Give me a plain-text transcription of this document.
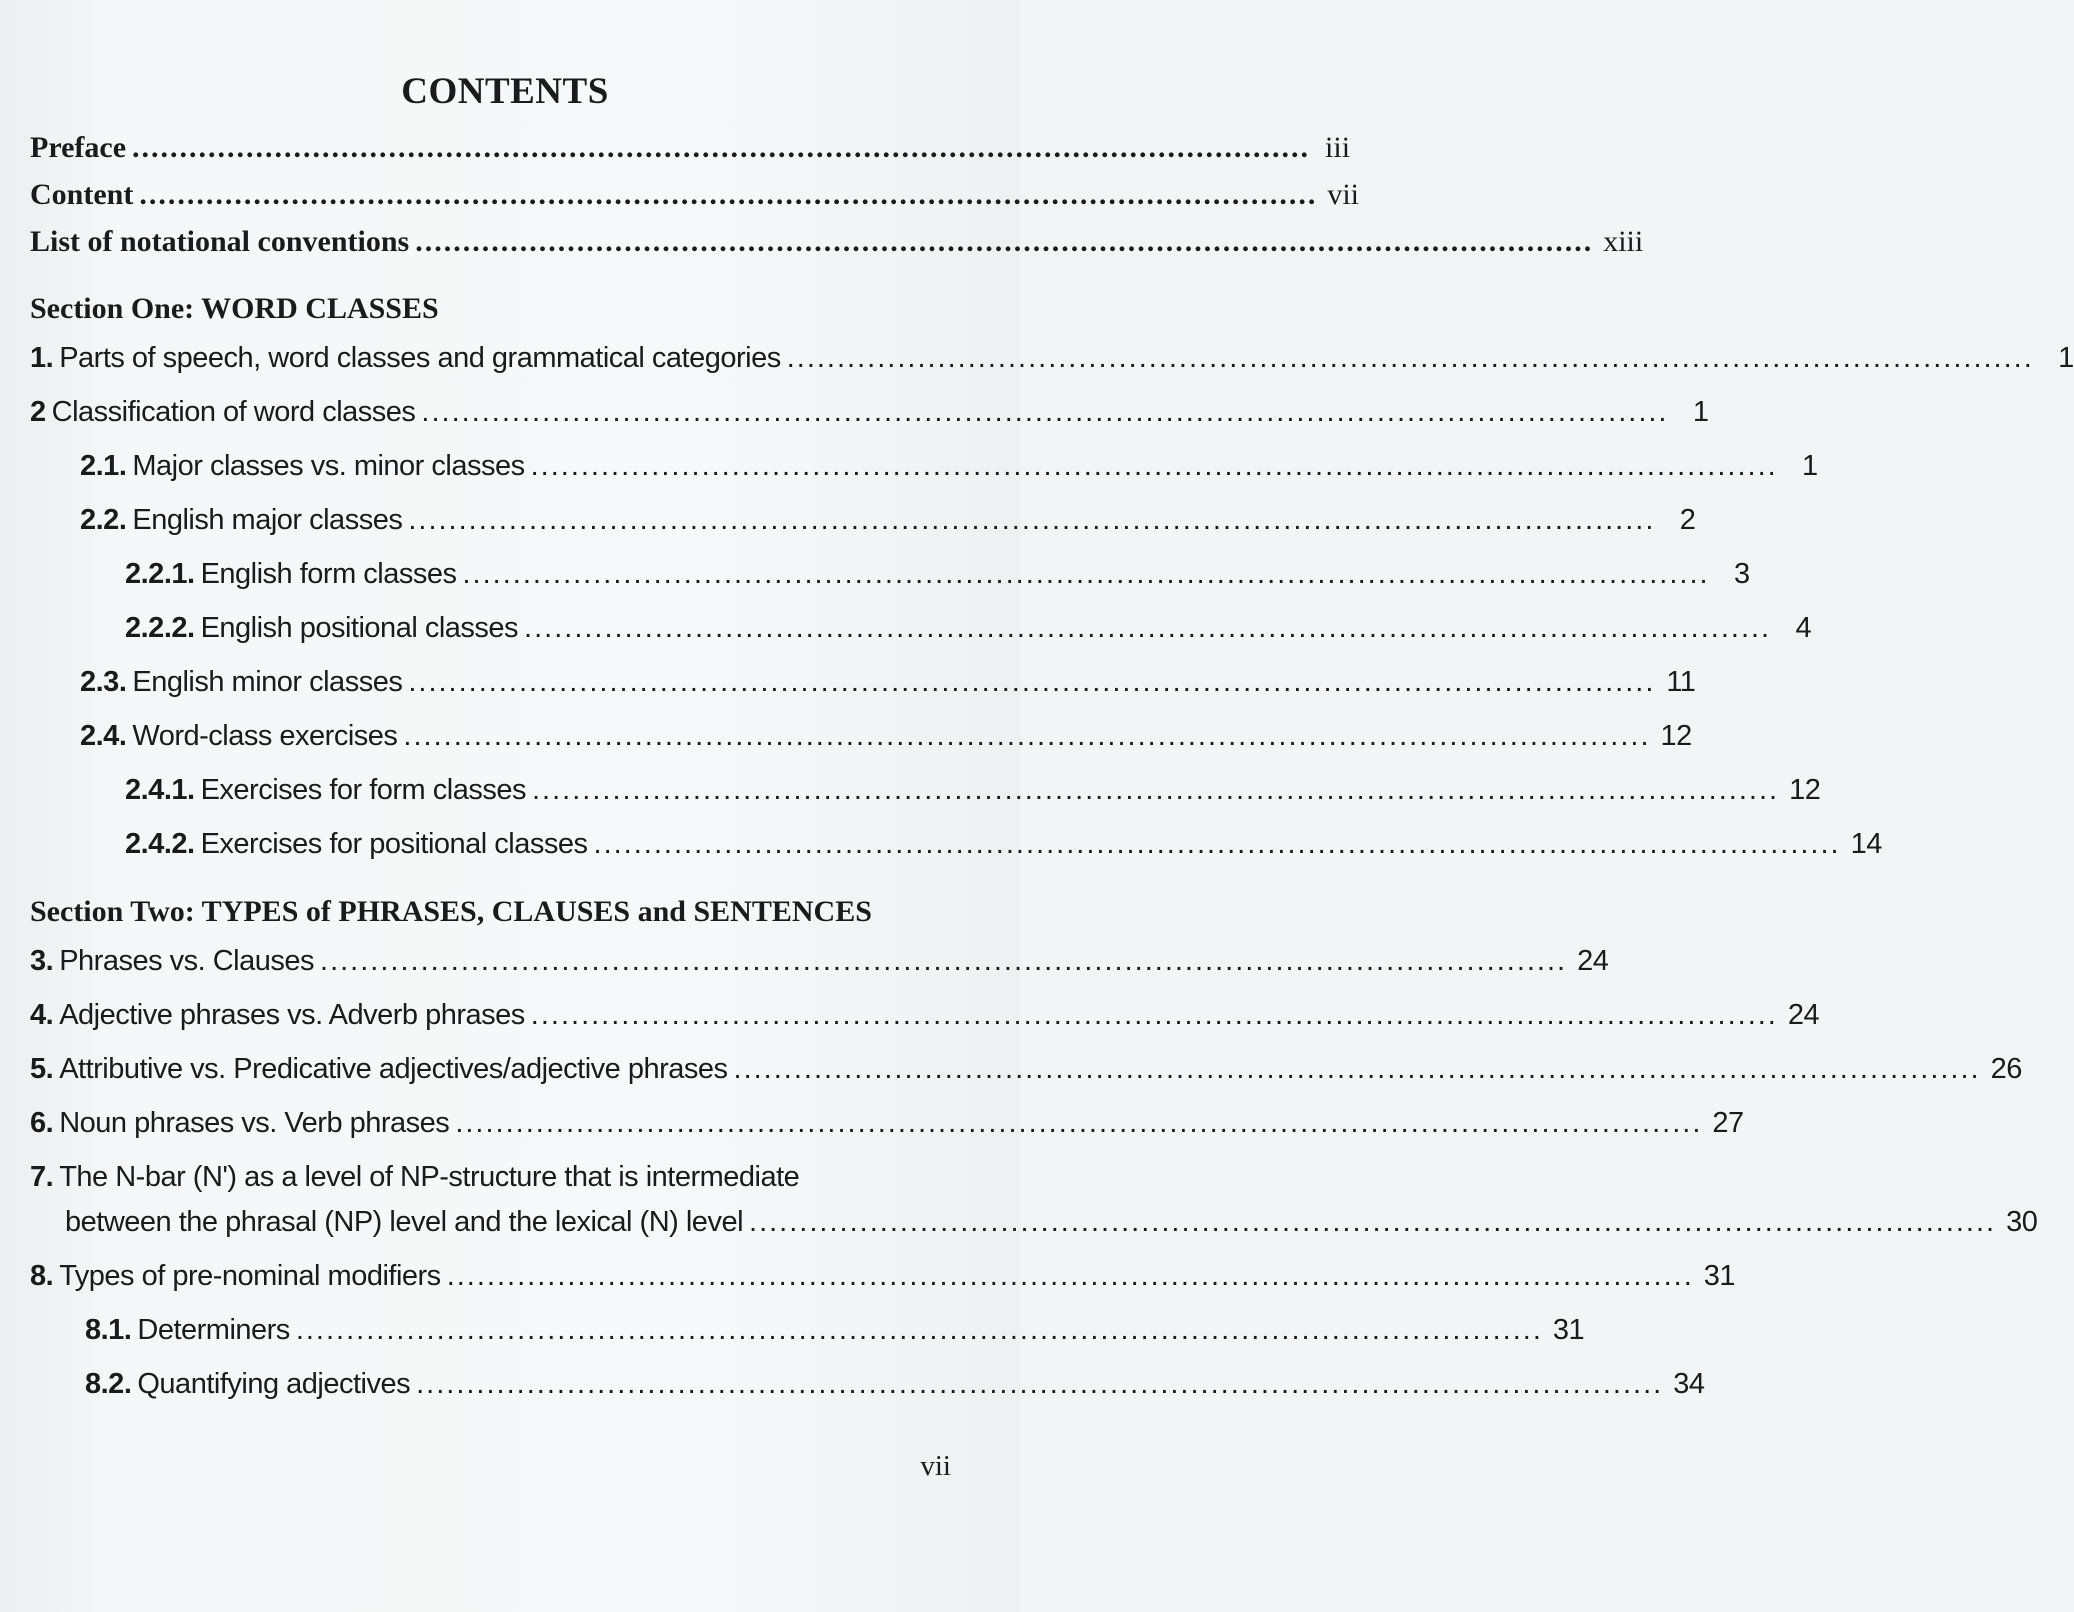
CONTENTS
Preface ............................................................................................................................ iii
Content ............................................................................................................................ vii
List of notational conventions ............................................................................................................................ xiii
Section One: WORD CLASSES
1. Parts of speech, word classes and grammatical categories ............................................................................................................................ 1
2 Classification of word classes ............................................................................................................................ 1
2.1. Major classes vs. minor classes ............................................................................................................................ 1
2.2. English major classes ............................................................................................................................ 2
2.2.1. English form classes ............................................................................................................................ 3
2.2.2. English positional classes ............................................................................................................................ 4
2.3. English minor classes ............................................................................................................................ 11
2.4. Word-class exercises ............................................................................................................................ 12
2.4.1. Exercises for form classes ............................................................................................................................ 12
2.4.2. Exercises for positional classes ............................................................................................................................ 14
Section Two: TYPES of PHRASES, CLAUSES and SENTENCES
3. Phrases vs. Clauses ............................................................................................................................ 24
4. Adjective phrases vs. Adverb phrases ............................................................................................................................ 24
5. Attributive vs. Predicative adjectives/adjective phrases ............................................................................................................................ 26
6. Noun phrases vs. Verb phrases ............................................................................................................................ 27
7. The N-bar (N') as a level of NP-structure that is intermediate
between the phrasal (NP) level and the lexical (N) level ............................................................................................................................ 30
8. Types of pre-nominal modifiers ............................................................................................................................ 31
8.1. Determiners ............................................................................................................................ 31
8.2. Quantifying adjectives ............................................................................................................................ 34
vii
